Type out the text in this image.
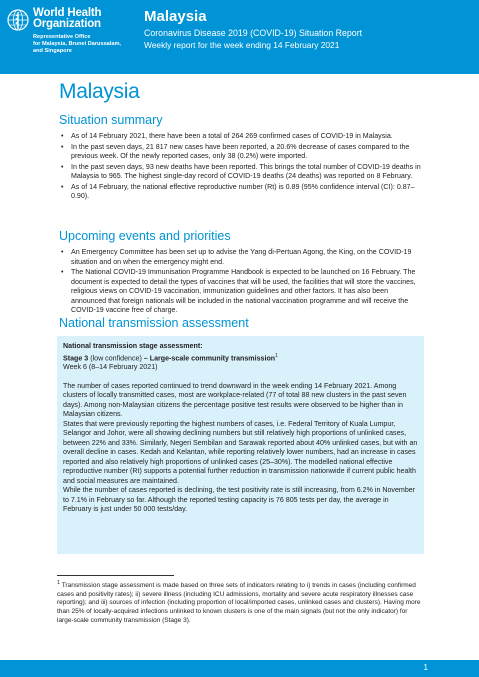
World Health
Organization
Representative Office
for Malaysia, Brunei Darussalam,
and Singapore
Malaysia
Coronavirus Disease 2019 (COVID-19) Situation Report
Weekly report for the week ending 14 February 2021
Malaysia
Situation summary
• As of 14 February 2021, there have been a total of 264 269 confirmed cases of COVID-19 in Malaysia.
• In the past seven days, 21 817 new cases have been reported, a 20.6% decrease of cases compared to the previous week. Of the newly reported cases, only 38 (0.2%) were imported.
• In the past seven days, 93 new deaths have been reported. This brings the total number of COVID-19 deaths in Malaysia to 965. The highest single-day record of COVID-19 deaths (24 deaths) was reported on 8 February.
• As of 14 February, the national effective reproductive number (Rt) is 0.89 (95% confidence interval (CI): 0.87–0.90).
Upcoming events and priorities
• An Emergency Committee has been set up to advise the Yang di-Pertuan Agong, the King, on the COVID-19 situation and on when the emergency might end.
• The National COVID-19 Immunisation Programme Handbook is expected to be launched on 16 February. The document is expected to detail the types of vaccines that will be used, the facilities that will store the vaccines, religious views on COVID-19 vaccination, immunization guidelines and other factors. It has also been announced that foreign nationals will be included in the national vaccination programme and will receive the COVID-19 vaccine free of charge.
National transmission assessment
National transmission stage assessment:
Stage 3 (low confidence) – Large-scale community transmission$^1$
Week 6 (8–14 February 2021)
The number of cases reported continued to trend downward in the week ending 14 February 2021. Among clusters of locally transmitted cases, most are workplace-related (77 of total 88 new clusters in the past seven days). Among non-Malaysian citizens the percentage positive test results were observed to be higher than in Malaysian citizens.
States that were previously reporting the highest numbers of cases, i.e. Federal Territory of Kuala Lumpur, Selangor and Johor, were all showing declining numbers but still relatively high proportions of unlinked cases, between 22% and 33%. Similarly, Negeri Sembilan and Sarawak reported about 40% unlinked cases, but with an overall decline in cases. Kedah and Kelantan, while reporting relatively lower numbers, had an increase in cases reported and also relatively high proportions of unlinked cases (25–30%). The modelled national effective reproductive number (Rt) supports a potential further reduction in transmission nationwide if current public health and social measures are maintained.
While the number of cases reported is declining, the test positivity rate is still increasing, from 6.2% in November to 7.1% in February so far. Although the reported testing capacity is 76 805 tests per day, the average in February is just under 50 000 tests/day.
$^1$ Transmission stage assessment is made based on three sets of indicators relating to i) trends in cases (including confirmed cases and positivity rates); ii) severe illness (including ICU admissions, mortality and severe acute respiratory illnesses case reporting); and iii) sources of infection (including proportion of local/imported cases, unlinked cases and clusters). Having more than 25% of locally-acquired infections unlinked to known clusters is one of the main signals (but not the only indicator) for large-scale community transmission (Stage 3).
1
